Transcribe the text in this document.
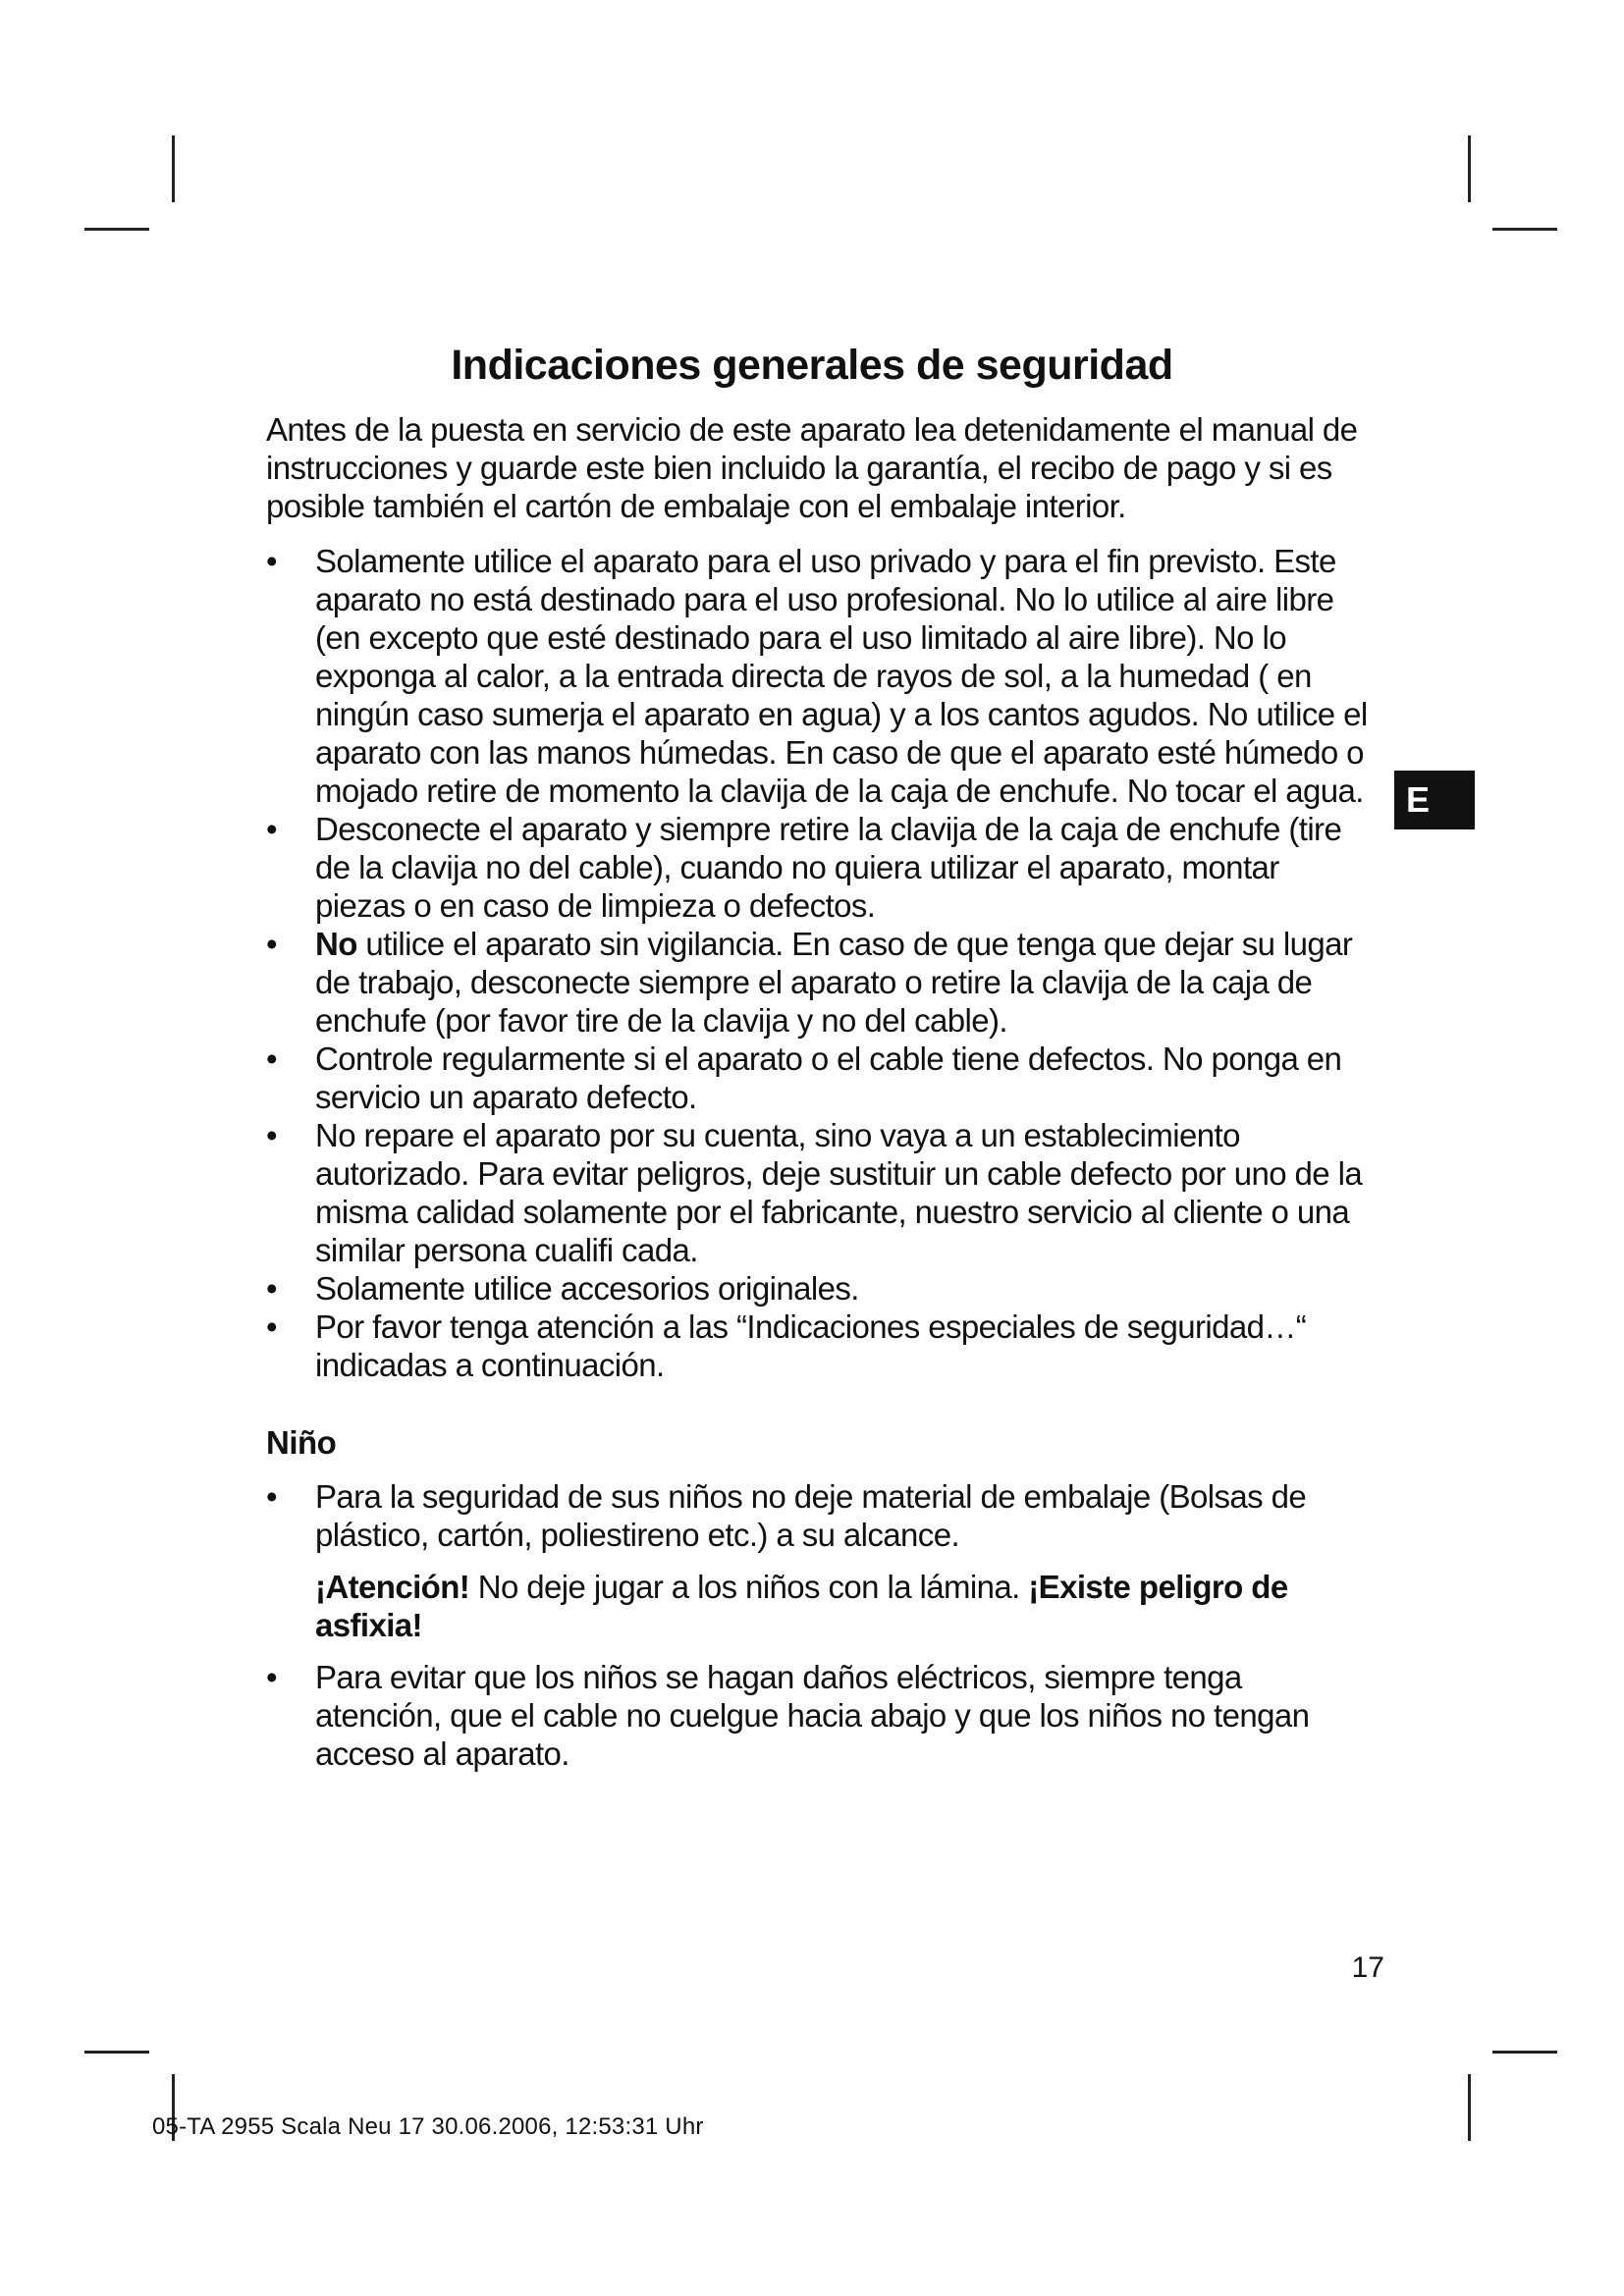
Indicaciones generales de seguridad

Antes de la puesta en servicio de este aparato lea detenidamente el manual de instrucciones y guarde este bien incluido la garantía, el recibo de pago y si es posible también el cartón de embalaje con el embalaje interior.

• Solamente utilice el aparato para el uso privado y para el fin previsto. Este aparato no está destinado para el uso profesional. No lo utilice al aire libre (en excepto que esté destinado para el uso limitado al aire libre). No lo exponga al calor, a la entrada directa de rayos de sol, a la humedad ( en ningún caso sumerja el aparato en agua) y a los cantos agudos. No utilice el aparato con las manos húmedas. En caso de que el aparato esté húmedo o mojado retire de momento la clavija de la caja de enchufe. No tocar el agua.
• Desconecte el aparato y siempre retire la clavija de la caja de enchufe (tire de la clavija no del cable), cuando no quiera utilizar el aparato, montar piezas o en caso de limpieza o defectos.
• No utilice el aparato sin vigilancia. En caso de que tenga que dejar su lugar de trabajo, desconecte siempre el aparato o retire la clavija de la caja de enchufe (por favor tire de la clavija y no del cable).
• Controle regularmente si el aparato o el cable tiene defectos. No ponga en servicio un aparato defecto.
• No repare el aparato por su cuenta, sino vaya a un establecimiento autorizado. Para evitar peligros, deje sustituir un cable defecto por uno de la misma calidad solamente por el fabricante, nuestro servicio al cliente o una similar persona cualifi cada.
• Solamente utilice accesorios originales.
• Por favor tenga atención a las “Indicaciones especiales de seguridad…“ indicadas a continuación.
Niño
• Para la seguridad de sus niños no deje material de embalaje (Bolsas de plástico, cartón, poliestireno etc.) a su alcance.

¡Atención! No deje jugar a los niños con la lámina. ¡Existe peligro de asfixia!

• Para evitar que los niños se hagan daños eléctricos, siempre tenga atención, que el cable no cuelgue hacia abajo y que los niños no tengan acceso al aparato.
E
17
05-TA 2955 Scala Neu 17 30.06.2006, 12:53:31 Uhr
